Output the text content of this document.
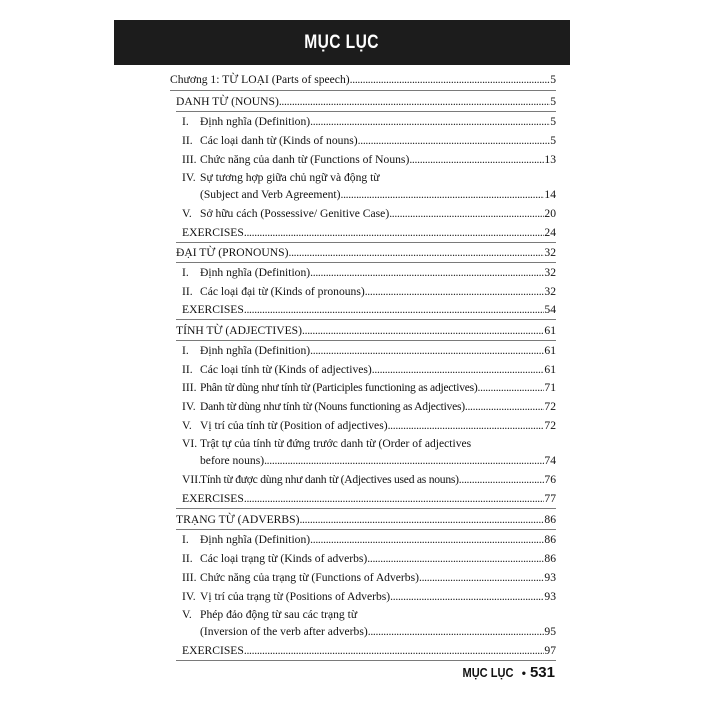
MỤC LỤC
Chương 1: TỪ LOẠI (Parts of speech) . . .	5
DANH TỪ (NOUNS) . . .	5
I. Định nghĩa (Definition) . . .	5
II. Các loại danh từ (Kinds of nouns) . . .	5
III. Chức năng của danh từ (Functions of Nouns) . . .	13
IV. Sự tương hợp giữa chủ ngữ và động từ
(Subject and Verb Agreement) . . .	14
V. Sở hữu cách (Possessive/ Genitive Case) . . .	20
EXERCISES . . .	24
ĐẠI TỪ (PRONOUNS) . . .	32
I. Định nghĩa (Definition) . . .	32
II. Các loại đại từ (Kinds of pronouns) . . .	32
EXERCISES . . .	54
TÍNH TỪ (ADJECTIVES) . . .	61
I. Định nghĩa (Definition) . . .	61
II. Các loại tính từ (Kinds of adjectives) . . .	61
III. Phân từ dùng như tính từ (Participles functioning as adjectives) . . .	71
IV. Danh từ dùng như tính từ (Nouns functioning as Adjectives) . . .	72
V. Vị trí của tính từ (Position of adjectives) . . .	72
VI. Trật tự của tính từ đứng trước danh từ (Order of adjectives
before nouns) . . .	74
VII. Tính từ được dùng như danh từ (Adjectives used as nouns) . . .	76
EXERCISES . . .	77
TRẠNG TỪ (ADVERBS) . . .	86
I. Định nghĩa (Definition) . . .	86
II. Các loại trạng từ (Kinds of adverbs) . . .	86
III. Chức năng của trạng từ (Functions of Adverbs) . . .	93
IV. Vị trí của trạng từ (Positions of Adverbs) . . .	93
V. Phép đảo động từ sau các trạng từ
(Inversion of the verb after adverbs) . . .	95
EXERCISES . . .	97
MỤC LỤC • 531
